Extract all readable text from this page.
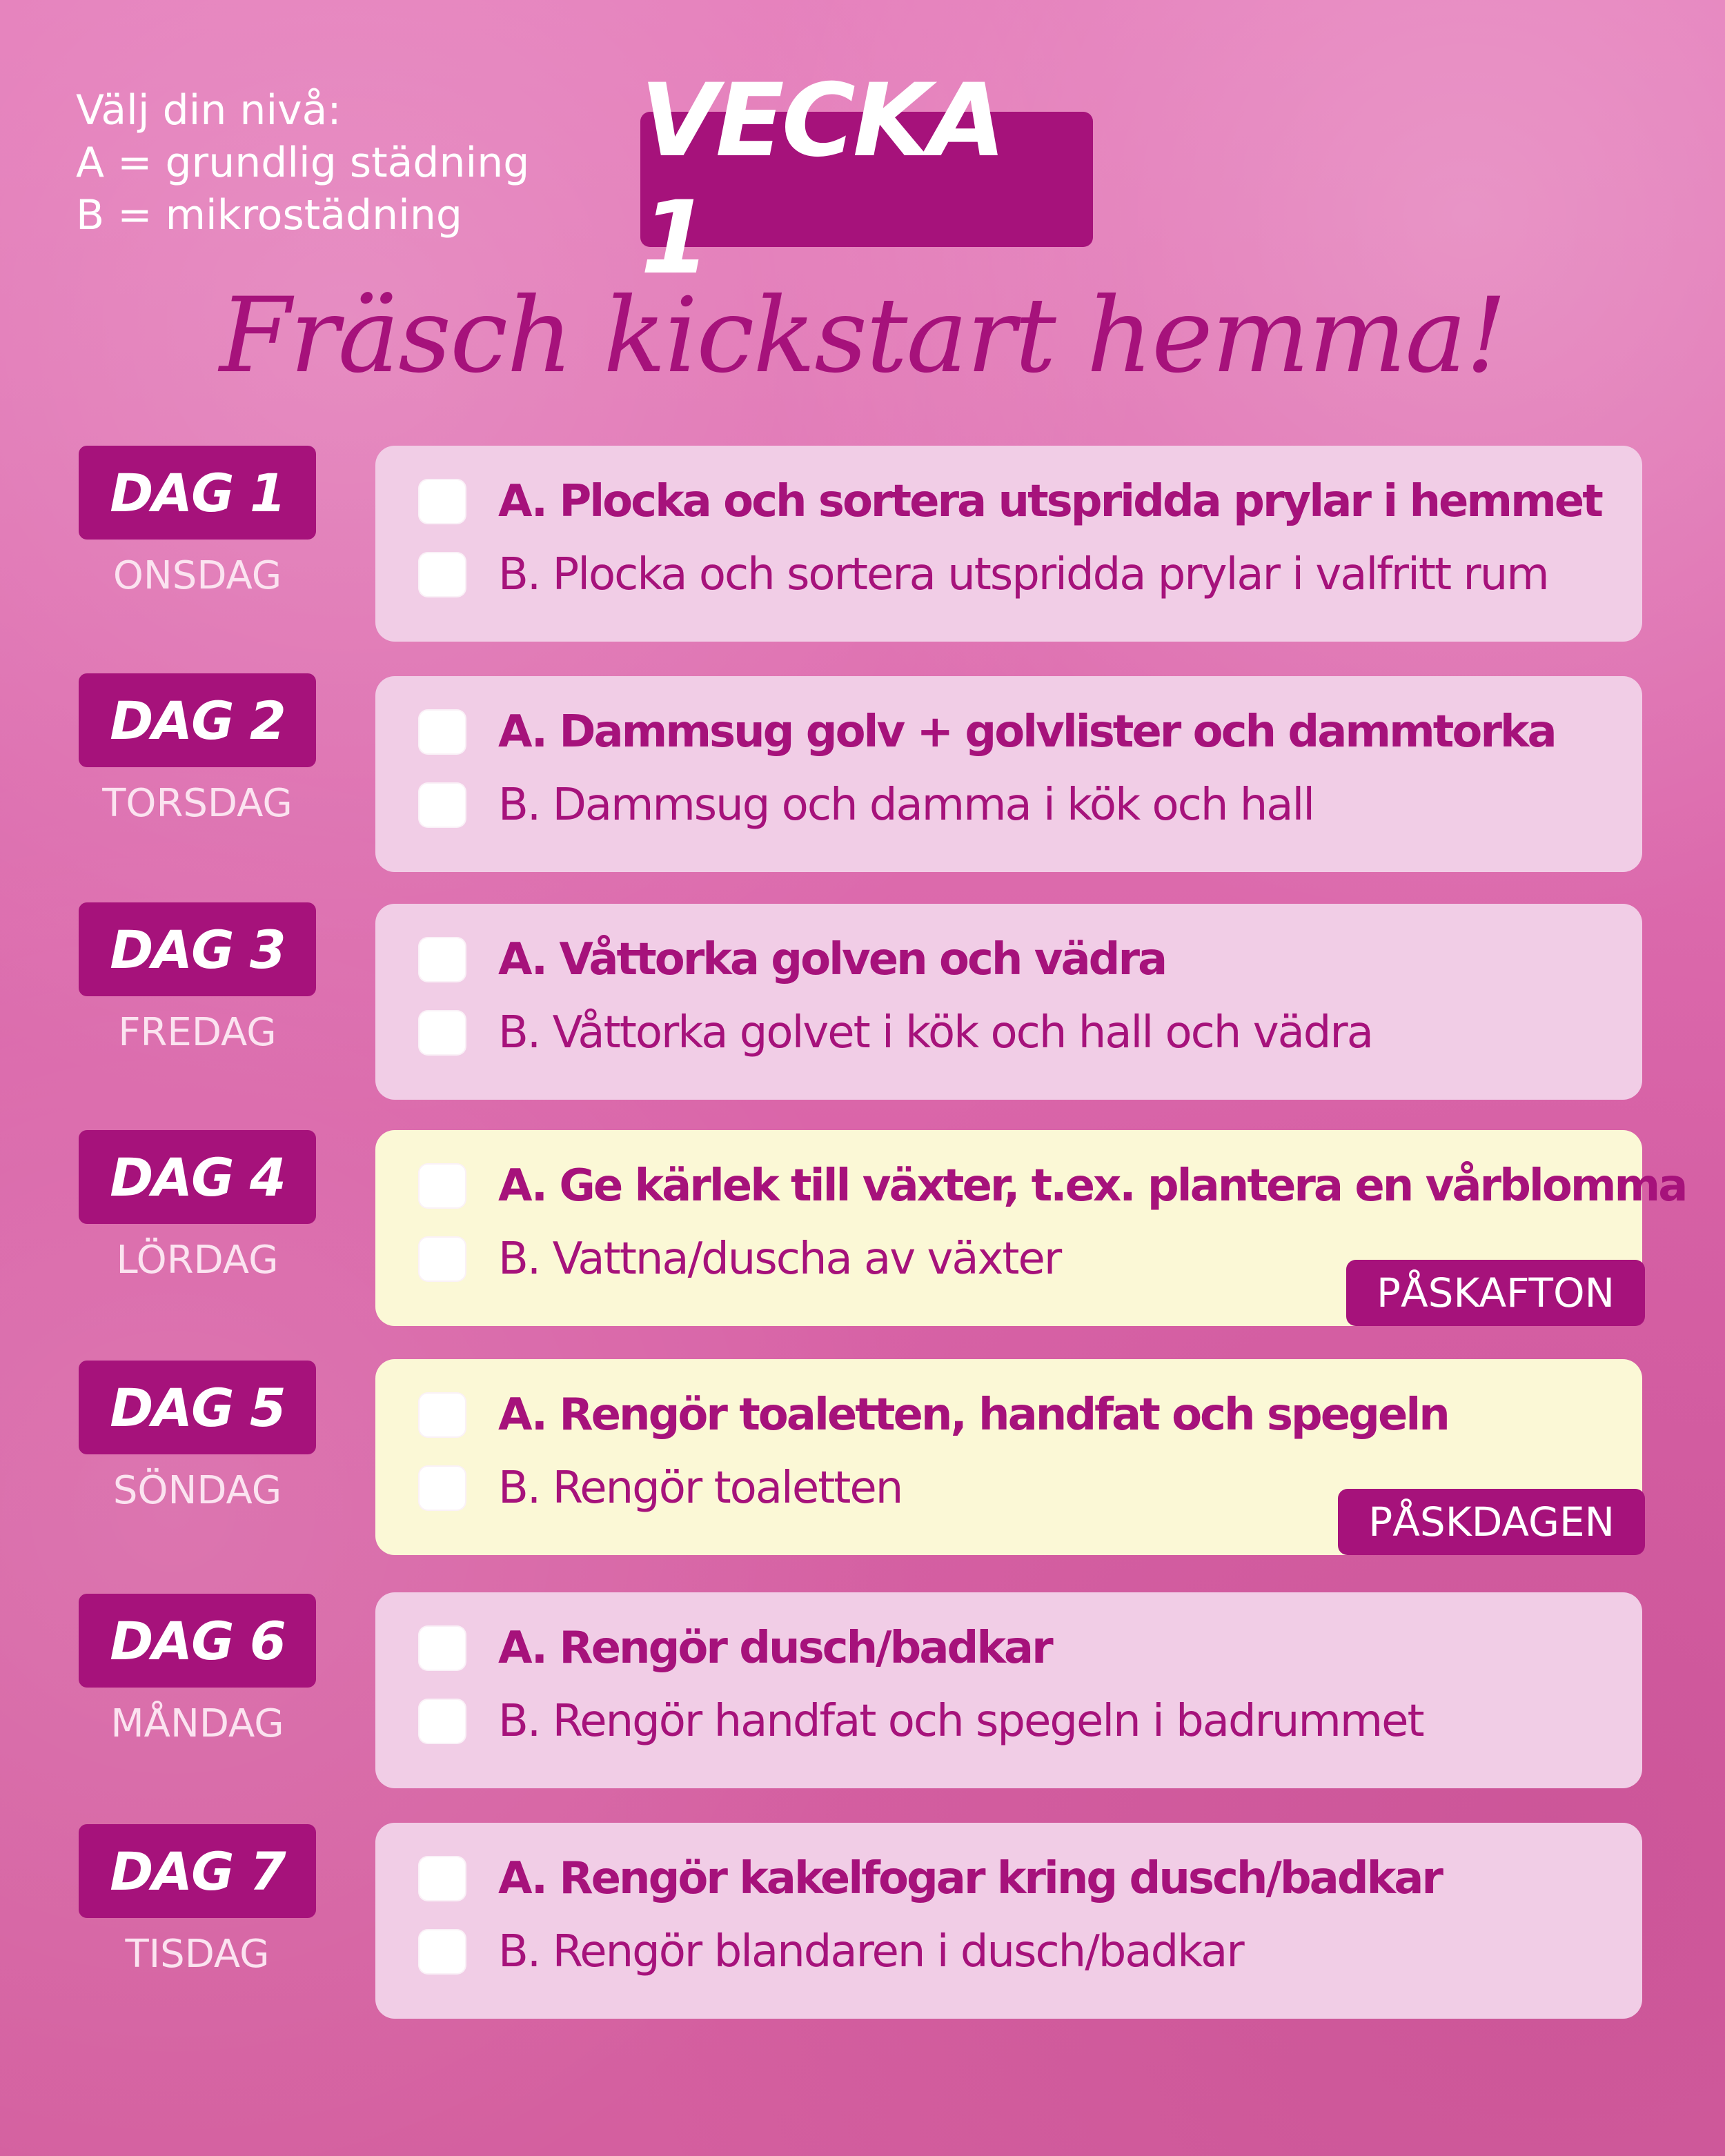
Välj din nivå:
A = grundlig städning
B = mikrostädning
VECKA 1
Fräsch kickstart hemma!
DAG 1
ONSDAG
A. Plocka och sortera utspridda prylar i hemmet
B. Plocka och sortera utspridda prylar i valfritt rum
DAG 2
TORSDAG
A. Dammsug golv + golvlister och dammtorka
B. Dammsug och damma i kök och hall
DAG 3
FREDAG
A. Våttorka golven och vädra
B. Våttorka golvet i kök och hall och vädra
DAG 4
LÖRDAG
A. Ge kärlek till växter, t.ex. plantera en vårblomma
B. Vattna/duscha av växter
PÅSKAFTON
DAG 5
SÖNDAG
A. Rengör toaletten, handfat och spegeln
B. Rengör toaletten
PÅSKDAGEN
DAG 6
MÅNDAG
A. Rengör dusch/badkar
B. Rengör handfat och spegeln i badrummet
DAG 7
TISDAG
A. Rengör kakelfogar kring dusch/badkar
B. Rengör blandaren i dusch/badkar
